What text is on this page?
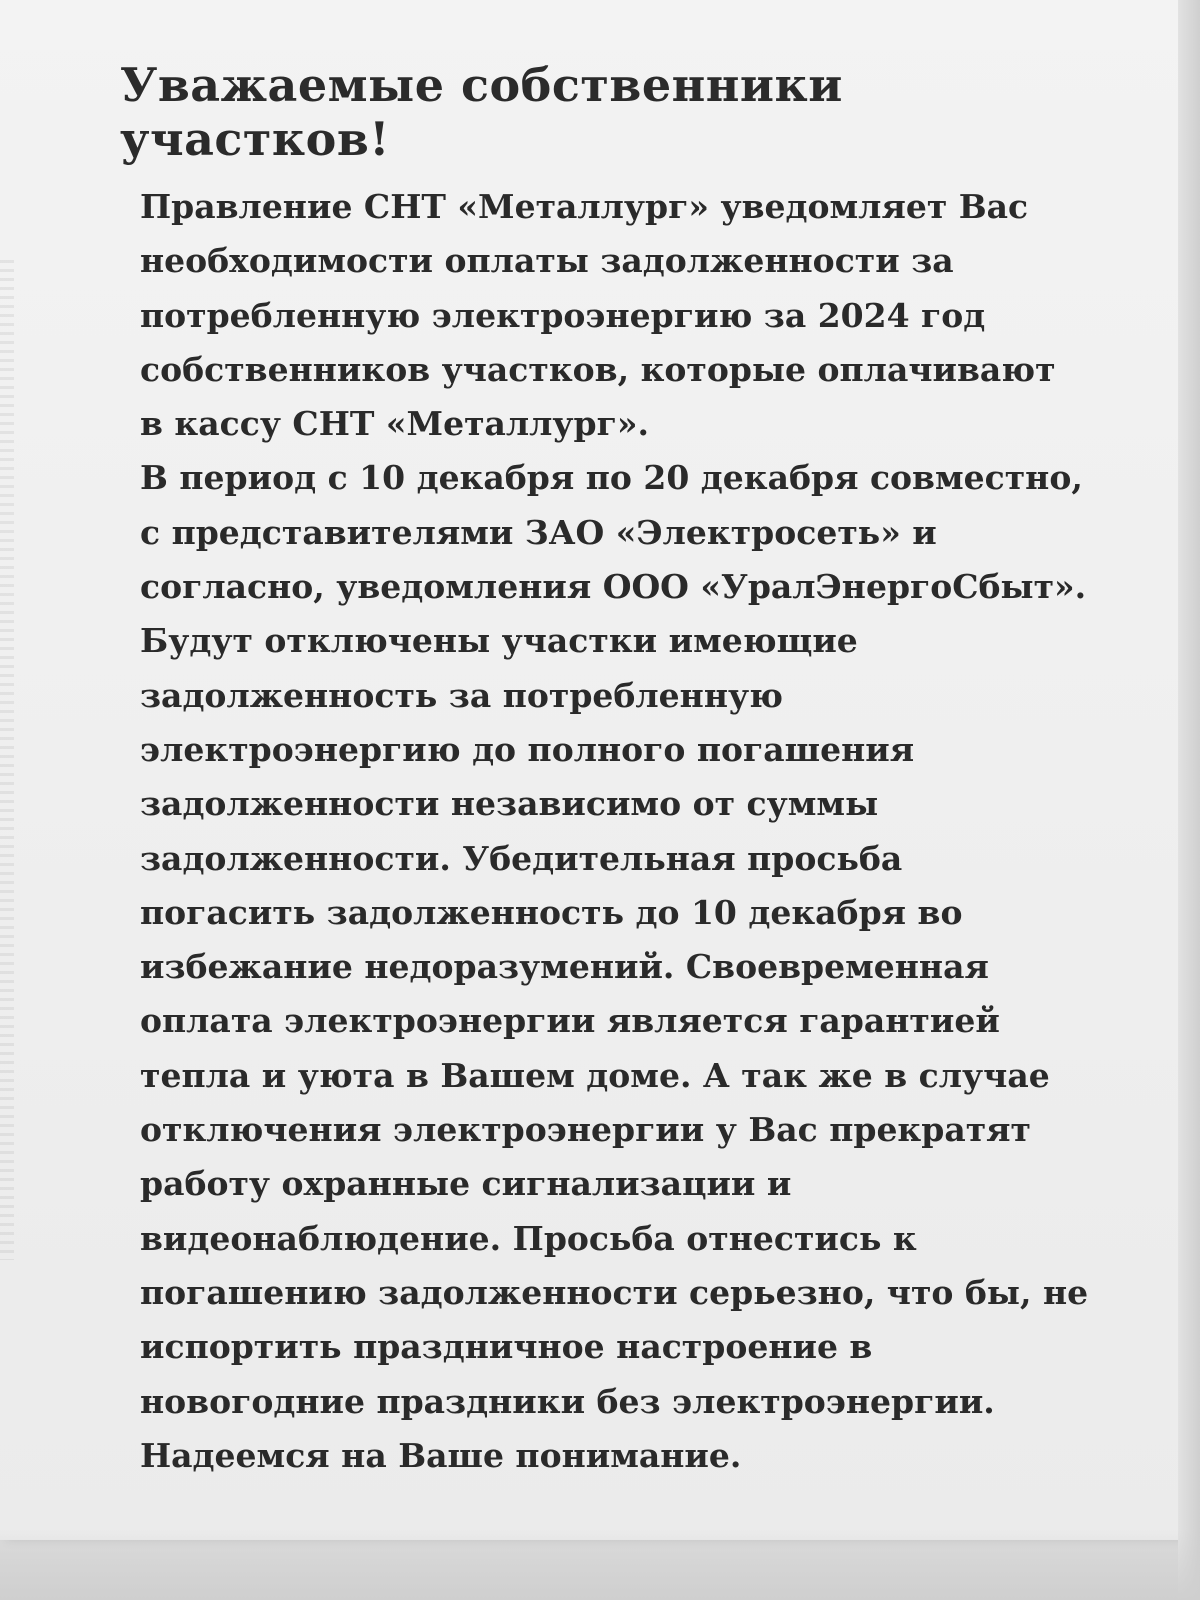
Уважаемые собственники участков!
Правление СНТ «Металлург» уведомляет Вас
необходимости оплаты задолженности за
потребленную электроэнергию за 2024 год
собственников участков, которые оплачивают
в кассу СНТ «Металлург».
В период с 10 декабря по 20 декабря совместно,
с представителями ЗАО «Электросеть» и
согласно, уведомления ООО «УралЭнергоСбыт».
Будут отключены участки имеющие
задолженность за потребленную
электроэнергию до полного погашения
задолженности независимо от суммы
задолженности. Убедительная просьба
погасить задолженность до 10 декабря во
избежание недоразумений. Своевременная
оплата электроэнергии является гарантией
тепла и уюта в Вашем доме. А так же в случае
отключения электроэнергии у Вас прекратят
работу охранные сигнализации и
видеонаблюдение. Просьба отнестись к
погашению задолженности серьезно, что бы, не
испортить праздничное настроение в
новогодние праздники без электроэнергии.
Надеемся на Ваше понимание.
